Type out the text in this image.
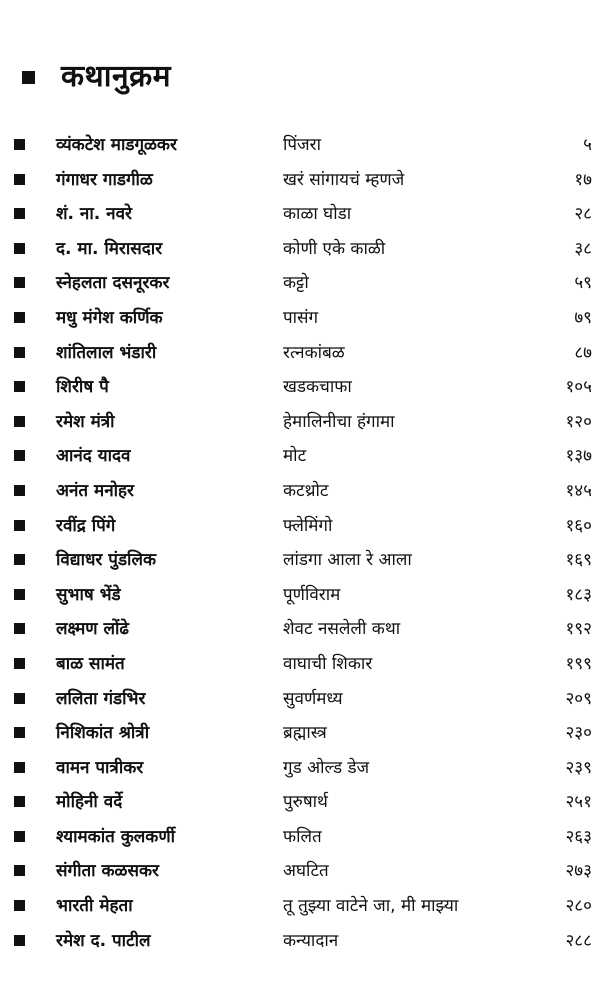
कथानुक्रम
व्यंकटेश माडगूळकर	पिंजरा	५
गंगाधर गाडगीळ	खरं सांगायचं म्हणजे	१७
शं. ना. नवरे	काळा घोडा	२८
द. मा. मिरासदार	कोणी एके काळी	३८
स्नेहलता दसनूरकर	कट्टो	५९
मधु मंगेश कर्णिक	पासंग	७९
शांतिलाल भंडारी	रत्नकांबळ	८७
शिरीष पै	खडकचाफा	१०५
रमेश मंत्री	हेमालिनीचा हंगामा	१२०
आनंद यादव	मोट	१३७
अनंत मनोहर	कटथ्रोट	१४५
रवींद्र पिंगे	फ्लेमिंगो	१६०
विद्याधर पुंडलिक	लांडगा आला रे आला	१६९
सुभाष भेंडे	पूर्णविराम	१८३
लक्ष्मण लोंढे	शेवट नसलेली कथा	१९२
बाळ सामंत	वाघाची शिकार	१९९
ललिता गंडभिर	सुवर्णमध्य	२०९
निशिकांत श्रोत्री	ब्रह्मास्त्र	२३०
वामन पात्रीकर	गुड ओल्ड डेज	२३९
मोहिनी वर्दे	पुरुषार्थ	२५१
श्यामकांत कुलकर्णी	फलित	२६३
संगीता कळसकर	अघटित	२७३
भारती मेहता	तू तुझ्या वाटेने जा, मी माझ्या	२८०
रमेश द. पाटील	कन्यादान	२८८
